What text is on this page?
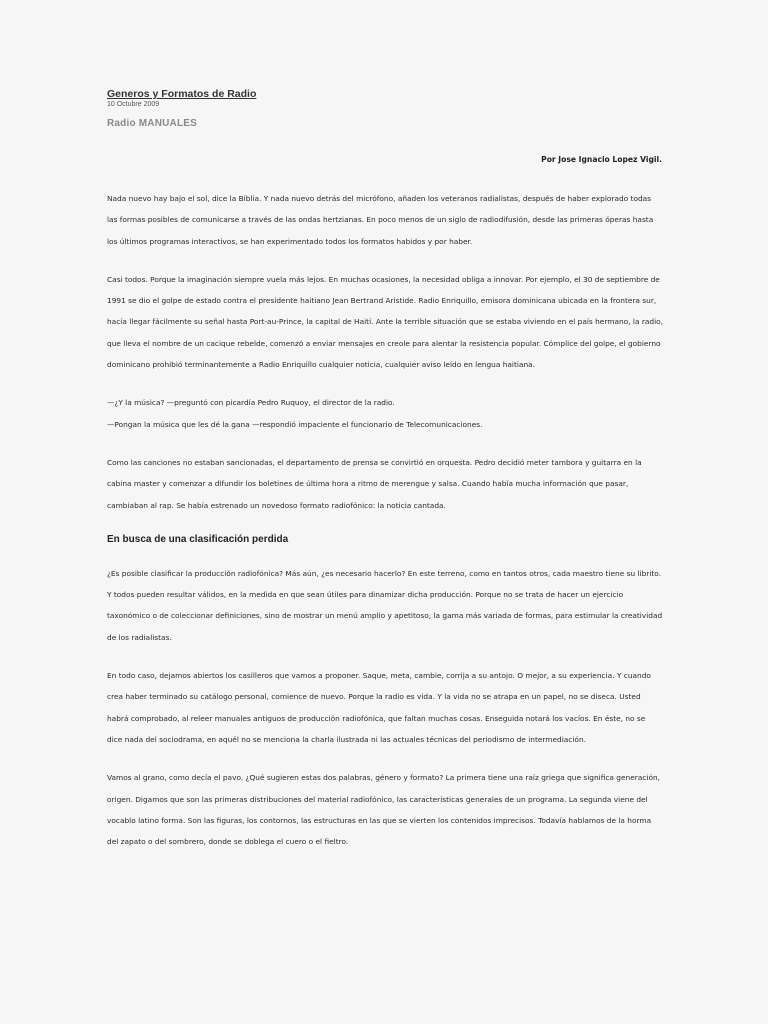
Generos y Formatos de Radio
10 Octubre 2009
Radio MANUALES
Por Jose Ignacio Lopez Vigil.

Nada nuevo hay bajo el sol, dice la Biblia. Y nada nuevo detrás del micrófono, añaden los veteranos radialistas, después de haber explorado todas las formas posibles de comunicarse a través de las ondas hertzianas. En poco menos de un siglo de radiodifusión, desde las primeras óperas hasta los últimos programas interactivos, se han experimentado todos los formatos habidos y por haber.

Casi todos. Porque la imaginación siempre vuela más lejos. En muchas ocasiones, la necesidad obliga a innovar. Por ejemplo, el 30 de septiembre de 1991 se dio el golpe de estado contra el presidente haitiano Jean Bertrand Aristide. Radio Enriquillo, emisora dominicana ubicada en la frontera sur, hacía llegar fácilmente su señal hasta Port-au-Prince, la capital de Haití. Ante la terrible situación que se estaba viviendo en el país hermano, la radio, que lleva el nombre de un cacique rebelde, comenzó a enviar mensajes en creole para alentar la resistencia popular. Cómplice del golpe, el gobierno dominicano prohibió terminantemente a Radio Enriquillo cualquier noticia, cualquier aviso leído en lengua haitiana.

—¿Y la música? —preguntó con picardía Pedro Ruquoy, el director de la radio.

—Pongan la música que les dé la gana —respondió impaciente el funcionario de Telecomunicaciones.

Como las canciones no estaban sancionadas, el departamento de prensa se convirtió en orquesta. Pedro decidió meter tambora y guitarra en la cabina master y comenzar a difundir los boletines de última hora a ritmo de merengue y salsa. Cuando había mucha información que pasar, cambiaban al rap. Se había estrenado un novedoso formato radiofónico: la noticia cantada.

En busca de una clasificación perdida

¿Es posible clasificar la producción radiofónica? Más aún, ¿es necesario hacerlo? En este terreno, como en tantos otros, cada maestro tiene su librito. Y todos pueden resultar válidos, en la medida en que sean útiles para dinamizar dicha producción. Porque no se trata de hacer un ejercicio taxonómico o de coleccionar definiciones, sino de mostrar un menú amplio y apetitoso, la gama más variada de formas, para estimular la creatividad de los radialistas.

En todo caso, dejamos abiertos los casilleros que vamos a proponer. Saque, meta, cambie, corrija a su antojo. O mejor, a su experiencia. Y cuando crea haber terminado su catálogo personal, comience de nuevo. Porque la radio es vida. Y la vida no se atrapa en un papel, no se diseca. Usted habrá comprobado, al releer manuales antiguos de producción radiofónica, que faltan muchas cosas. Enseguida notará los vacíos. En éste, no se dice nada del sociodrama, en aquél no se menciona la charla ilustrada ni las actuales técnicas del periodismo de intermediación.

Vamos al grano, como decía el pavo. ¿Qué sugieren estas dos palabras, género y formato? La primera tiene una raíz griega que significa generación, origen. Digamos que son las primeras distribuciones del material radiofónico, las características generales de un programa. La segunda viene del vocablo latino forma. Son las figuras, los contornos, las estructuras en las que se vierten los contenidos imprecisos. Todavía hablamos de la horma del zapato o del sombrero, donde se doblega el cuero o el fieltro.
